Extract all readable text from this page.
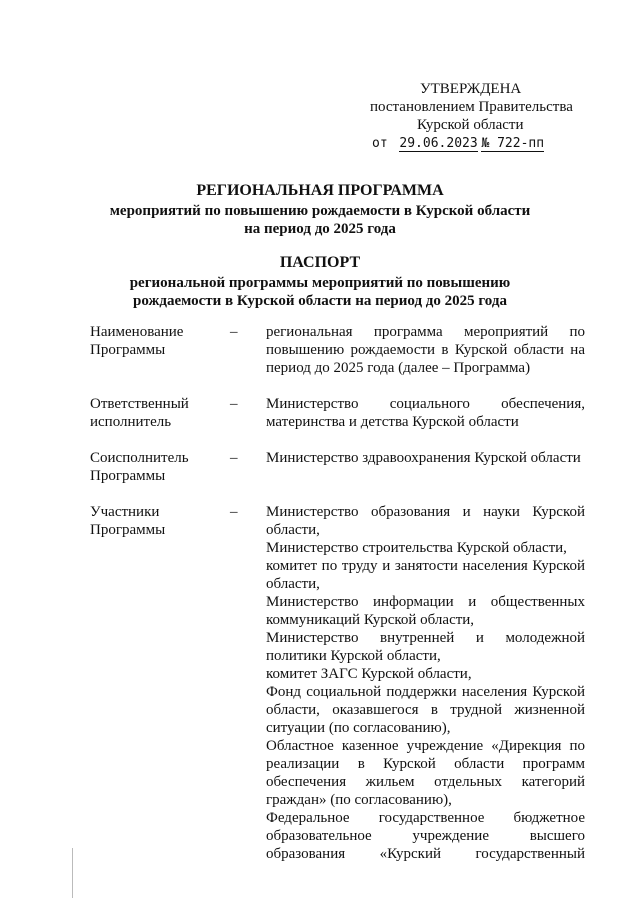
УТВЕРЖДЕНА
постановлением Правительства
Курской области
от 29.06.2023 № 722-пп
РЕГИОНАЛЬНАЯ ПРОГРАММА
мероприятий по повышению рождаемости в Курской области
на период до 2025 года
ПАСПОРТ
региональной программы мероприятий по повышению
рождаемости в Курской области на период до 2025 года
Наименование
Программы
–	региональная программа мероприятий по повышению рождаемости в Курской области на период до 2025 года (далее – Программа)

Ответственный
исполнитель
–	Министерство социального обеспечения, материнства и детства Курской области

Соисполнитель
Программы
–	Министерство здравоохранения Курской области

Участники
Программы
–	Министерство образования и науки Курской области,

Министерство строительства Курской области,

комитет по труду и занятости населения Курской области,

Министерство информации и общественных коммуникаций Курской области,

Министерство внутренней и молодежной политики Курской области,

комитет ЗАГС Курской области,

Фонд социальной поддержки населения Курской области, оказавшегося в трудной жизненной ситуации (по согласованию),

Областное казенное учреждение «Дирекция по реализации в Курской области программ обеспечения жильем отдельных категорий граждан» (по согласованию),

Федеральное государственное бюджетное образовательное учреждение высшего образования «Курский государственный
